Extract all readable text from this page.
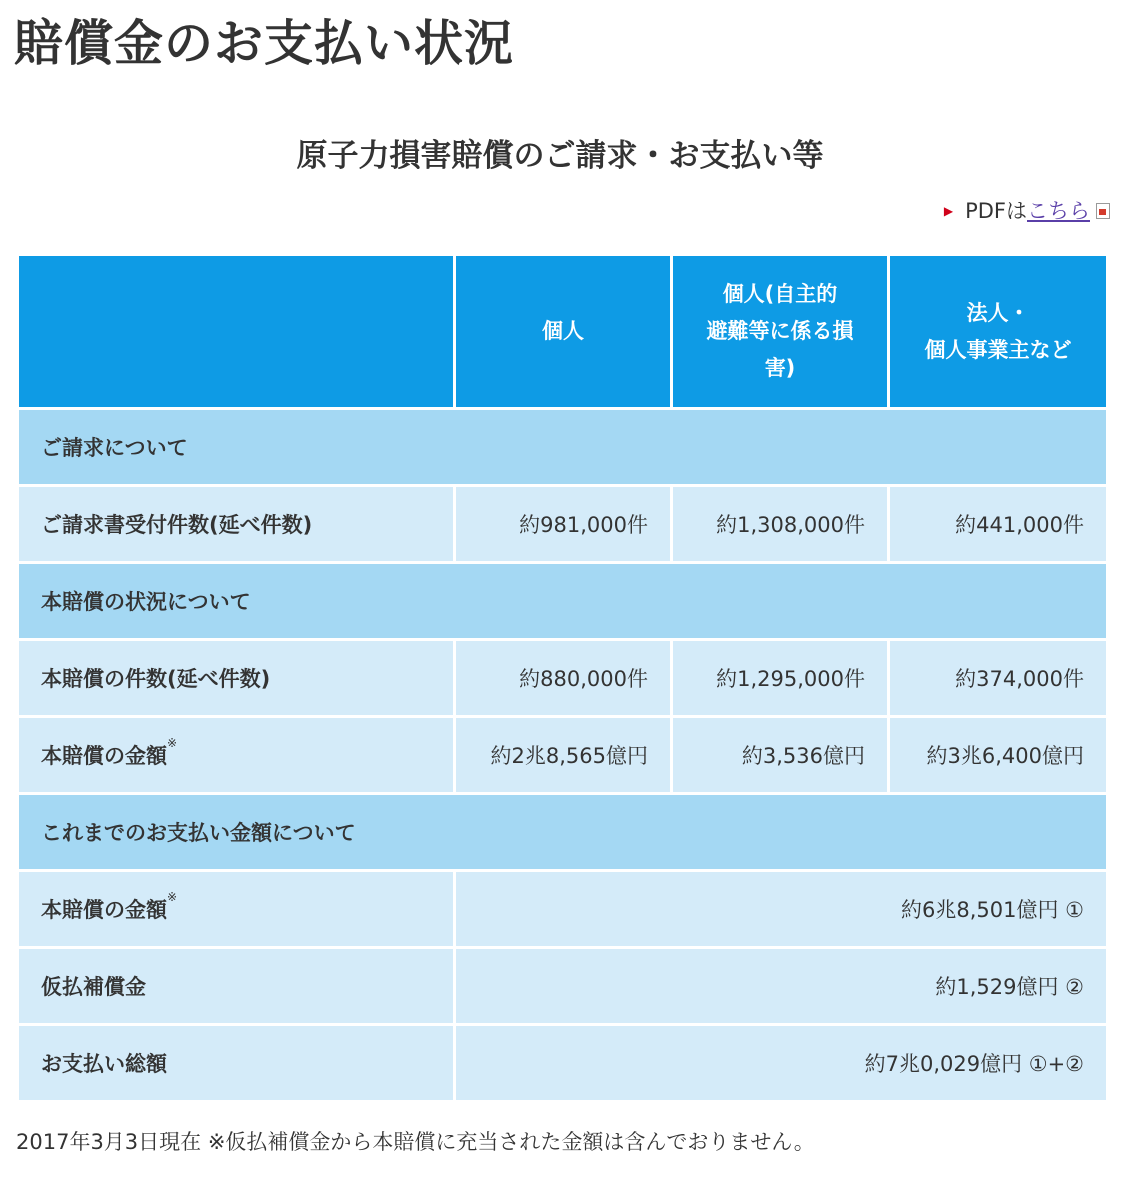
賠償金のお支払い状況
原子力損害賠償のご請求・お支払い等
▶ PDFは こちら
	個人	個人(自主的
避難等に係る損
害)	法人・
個人事業主など
ご請求について			
ご請求書受付件数(延べ件数)	約981,000件	約1,308,000件	約441,000件
本賠償の状況について			
本賠償の件数(延べ件数)	約880,000件	約1,295,000件	約374,000件
本賠償の金額※	約2兆8,565億円	約3,536億円	約3兆6,400億円
これまでのお支払い金額について			
本賠償の金額※	約6兆8,501億円 ①		
仮払補償金	約1,529億円 ②		
お支払い総額	約7兆0,029億円 ①+②		
2017年3月3日現在 ※仮払補償金から本賠償に充当された金額は含んでおりません。
